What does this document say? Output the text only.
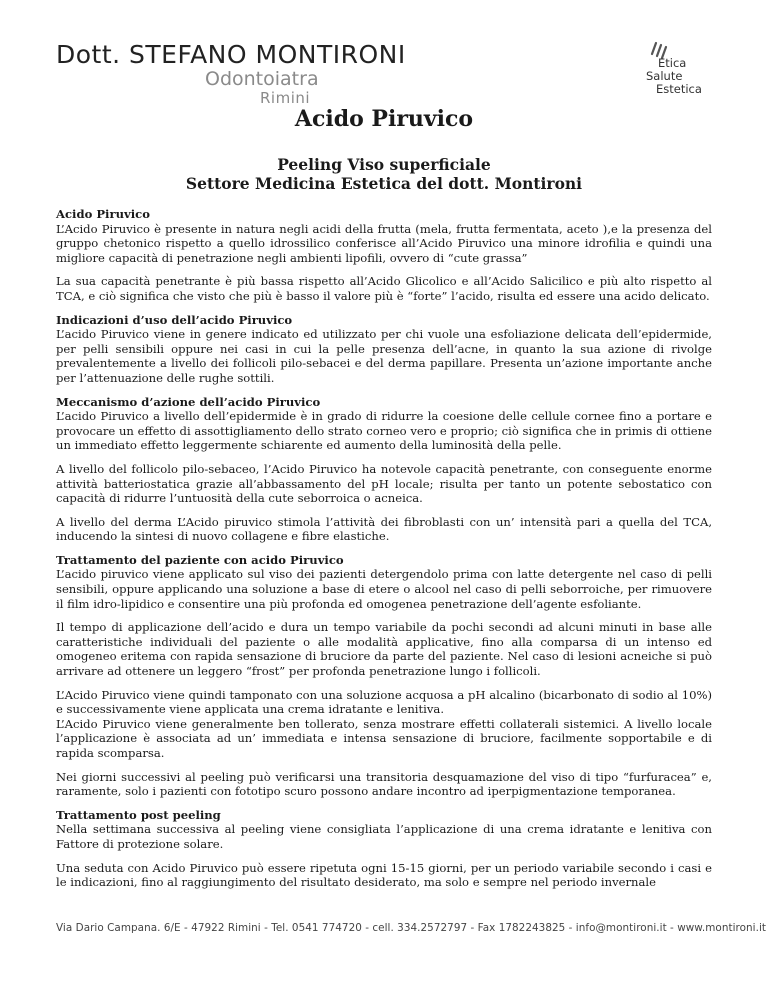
Dott. STEFANO MONTIRONI
Odontoiatra
Rimini
Etica
Salute
Estetica
Acido Piruvico
Peeling Viso superficiale
Settore Medicina Estetica del dott. Montironi
Acido Piruvico

L’Acido Piruvico è presente in natura negli acidi della frutta (mela, frutta fermentata, aceto ),e la presenza del gruppo chetonico rispetto a quello idrossilico conferisce all’Acido Piruvico una minore idrofilia e quindi una migliore capacità di penetrazione negli ambienti lipofili, ovvero di “cute grassa”

La sua capacità penetrante è più bassa rispetto all’Acido Glicolico e all’Acido Salicilico e più alto rispetto al TCA, e ciò significa che visto che più è basso il valore più è “forte” l’acido, risulta ed essere una acido delicato.

Indicazioni d’uso dell’acido Piruvico

L’acido Piruvico viene in genere indicato ed utilizzato per chi vuole una esfoliazione delicata dell’epidermide, per pelli sensibili oppure nei casi in cui la pelle presenza dell’acne, in quanto la sua azione di rivolge prevalentemente a livello dei follicoli pilo-sebacei e del derma papillare. Presenta un’azione importante anche per l’attenuazione delle rughe sottili.

Meccanismo d’azione dell’acido Piruvico

L’acido Piruvico a livello dell’epidermide è in grado di ridurre la coesione delle cellule cornee fino a portare e provocare un effetto di assottigliamento dello strato corneo vero e proprio; ciò significa che in primis di ottiene un immediato effetto leggermente schiarente ed aumento della luminosità della pelle.

A livello del follicolo pilo-sebaceo, l’Acido Piruvico ha notevole capacità penetrante, con conseguente enorme attività batteriostatica grazie all’abbassamento del pH locale; risulta per tanto un potente sebostatico con capacità di ridurre l’untuosità della cute seborroica o acneica.

A livello del derma L’Acido piruvico stimola l’attività dei fibroblasti con un’ intensità pari a quella del TCA, inducendo la sintesi di nuovo collagene e fibre elastiche.

Trattamento del paziente con acido Piruvico

L’acido piruvico viene applicato sul viso dei pazienti detergendolo prima con latte detergente nel caso di pelli sensibili, oppure applicando una soluzione a base di etere o alcool nel caso di pelli seborroiche, per rimuovere il film idro-lipidico e consentire una più profonda ed omogenea penetrazione dell’agente esfoliante.

Il tempo di applicazione dell’acido e dura un tempo variabile da pochi secondi ad alcuni minuti in base alle caratteristiche individuali del paziente o alle modalità applicative, fino alla comparsa di un intenso ed omogeneo eritema con rapida sensazione di bruciore da parte del paziente. Nel caso di lesioni acneiche si può arrivare ad ottenere un leggero “frost” per profonda penetrazione lungo i follicoli.

L’Acido Piruvico viene quindi tamponato con una soluzione acquosa a pH alcalino (bicarbonato di sodio al 10%) e successivamente viene applicata una crema idratante e lenitiva.

L’Acido Piruvico viene generalmente ben tollerato, senza mostrare effetti collaterali sistemici. A livello locale l’applicazione è associata ad un’ immediata e intensa sensazione di bruciore, facilmente sopportabile e di rapida scomparsa.

Nei giorni successivi al peeling può verificarsi una transitoria desquamazione del viso di tipo “furfuracea” e, raramente, solo i pazienti con fototipo scuro possono andare incontro ad iperpigmentazione temporanea.

Trattamento post peeling

Nella settimana successiva al peeling viene consigliata l’applicazione di una crema idratante e lenitiva con Fattore di protezione solare.

Una seduta con Acido Piruvico può essere ripetuta ogni 15-15 giorni, per un periodo variabile secondo i casi e le indicazioni, fino al raggiungimento del risultato desiderato, ma solo e sempre nel periodo invernale

Via Dario Campana. 6/E - 47922 Rimini - Tel. 0541 774720 - cell. 334.2572797 - Fax 1782243825 - info@montironi.it - www.montironi.it
